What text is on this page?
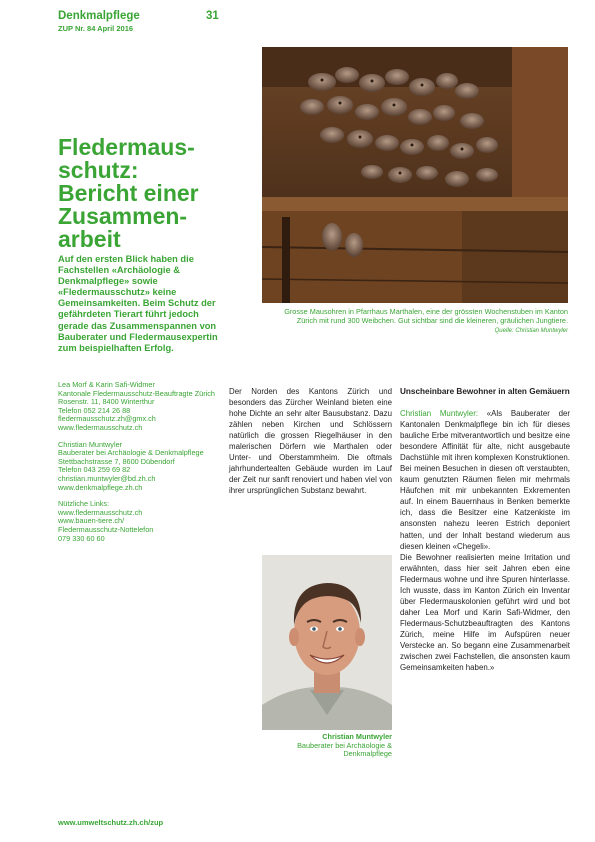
Denkmalpflege	31
ZUP Nr. 84 April 2016
Grosse Mausohren in Pfarrhaus Marthalen, eine der grössten Wochenstuben im Kanton Zürich mit rund 300 Weibchen. Gut sichtbar sind die kleineren, gräulichen Jungtiere.
Quelle: Christian Muntwyler
Fledermaus-
schutz:
Bericht einer
Zusammen-
arbeit
Auf den ersten Blick haben die Fachstellen «Archäologie & Denkmalpflege» sowie «Fledermausschutz» keine Gemeinsamkeiten. Beim Schutz der gefährdeten Tierart führt jedoch gerade das Zusammenspannen von Bauberater und Fledermausexpertin zum beispielhaften Erfolg.

Lea Morf & Karin Safi-Widmer
Kantonale Fledermausschutz-Beauftragte Zürich
Rosenstr. 11, 8400 Winterthur
Telefon 052 214 26 88
fledermausschutz.zh@gmx.ch
www.fledermausschutz.ch

Christian Muntwyler
Bauberater bei Archäologie & Denkmalpflege
Stettbachstrasse 7, 8600 Dübendorf
Telefon 043 259 69 82
christian.muntwyler@bd.zh.ch
www.denkmalpflege.zh.ch

Nützliche Links:
www.fledermausschutz.ch
www.bauen-tiere.ch/
Fledermausschutz-Nottelefon
079 330 60 60

Der Norden des Kantons Zürich und besonders das Zürcher Weinland bieten eine hohe Dichte an sehr alter Bausubstanz. Dazu zählen neben Kirchen und Schlössern natürlich die grossen Riegelhäuser in den malerischen Dörfern wie Marthalen oder Unter- und Oberstammheim. Die oftmals jahrhundertealten Gebäude wurden im Lauf der Zeit nur sanft renoviert und haben viel von ihrer ursprünglichen Substanz bewahrt.

Christian Muntwyler
Bauberater bei Archäologie & Denkmalpflege
Unscheinbare Bewohner in alten Gemäuern

Christian Muntwyler: «Als Bauberater der Kantonalen Denkmalpflege bin ich für dieses bauliche Erbe mitverantwortlich und besitze eine besondere Affinität für alte, nicht ausgebaute Dachstühle mit ihren komplexen Konstruktionen. Bei meinen Besuchen in diesen oft verstaubten, kaum genutzten Räumen fielen mir mehrmals Häufchen mit mir unbekannten Exkrementen auf. In einem Bauernhaus in Benken bemerkte ich, dass die Besitzer eine Katzenkiste im ansonsten nahezu leeren Estrich deponiert hatten, und der Inhalt bestand wiederum aus diesen kleinen «Chegeli».

Die Bewohner realisierten meine Irritation und erwähnten, dass hier seit Jahren eben eine Fledermaus wohne und ihre Spuren hinterlasse. Ich wusste, dass im Kanton Zürich ein Inventar über Fledermauskolonien geführt wird und bot daher Lea Morf und Karin Safi-Widmer, den Fledermaus-Schutzbeauftragten des Kantons Zürich, meine Hilfe im Aufspüren neuer Verstecke an. So begann eine Zusammenarbeit zwischen zwei Fachstellen, die ansonsten kaum Gemeinsamkeiten haben.»

www.umweltschutz.zh.ch/zup
